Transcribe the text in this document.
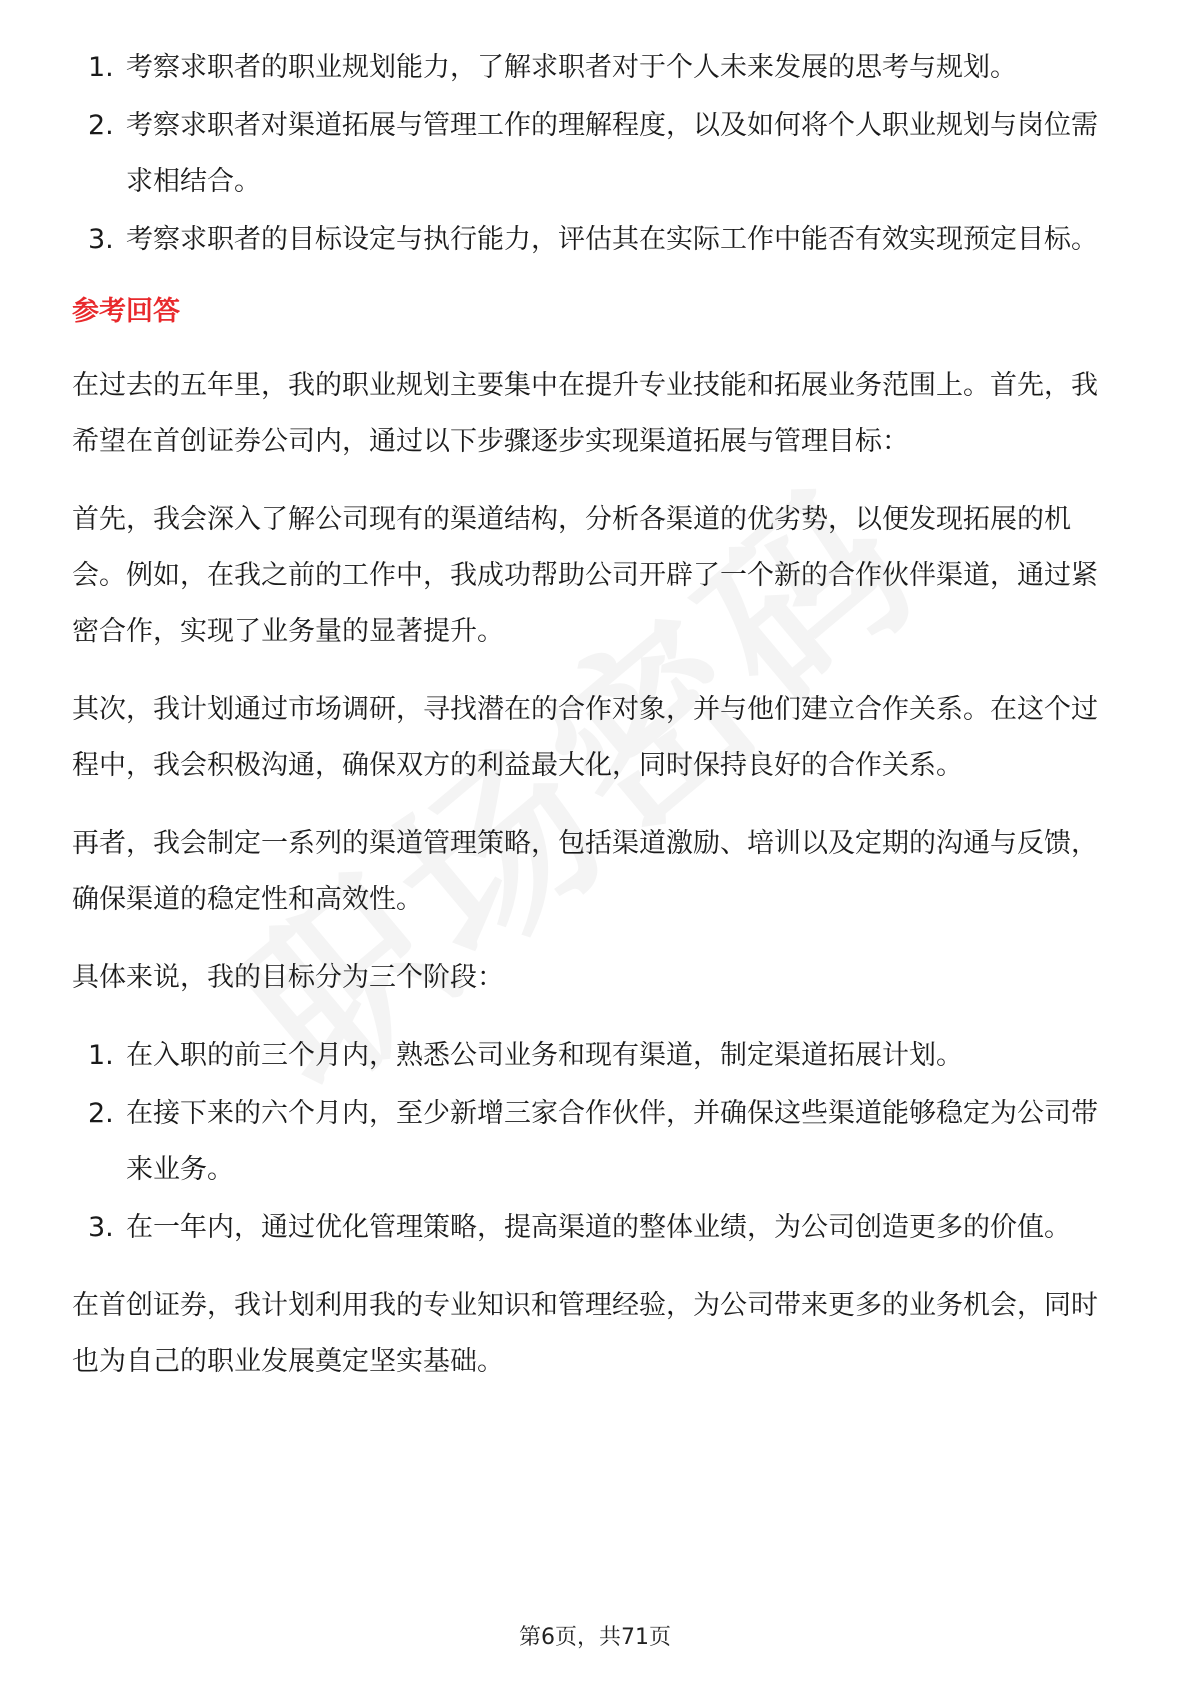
1. 考察求职者的职业规划能力，了解求职者对于个人未来发展的思考与规划。
2. 考察求职者对渠道拓展与管理工作的理解程度，以及如何将个人职业规划与岗位需求相结合。
3. 考察求职者的目标设定与执行能力，评估其在实际工作中能否有效实现预定目标。
参考回答

在过去的五年里，我的职业规划主要集中在提升专业技能和拓展业务范围上。首先，我希望在首创证券公司内，通过以下步骤逐步实现渠道拓展与管理目标：

首先，我会深入了解公司现有的渠道结构，分析各渠道的优劣势，以便发现拓展的机会。例如，在我之前的工作中，我成功帮助公司开辟了一个新的合作伙伴渠道，通过紧密合作，实现了业务量的显著提升。

其次，我计划通过市场调研，寻找潜在的合作对象，并与他们建立合作关系。在这个过程中，我会积极沟通，确保双方的利益最大化，同时保持良好的合作关系。

再者，我会制定一系列的渠道管理策略，包括渠道激励、培训以及定期的沟通与反馈，确保渠道的稳定性和高效性。

具体来说，我的目标分为三个阶段：

1. 在入职的前三个月内，熟悉公司业务和现有渠道，制定渠道拓展计划。
2. 在接下来的六个月内，至少新增三家合作伙伴，并确保这些渠道能够稳定为公司带来业务。
3. 在一年内，通过优化管理策略，提高渠道的整体业绩，为公司创造更多的价值。

在首创证券，我计划利用我的专业知识和管理经验，为公司带来更多的业务机会，同时也为自己的职业发展奠定坚实基础。

第6页，共71页
